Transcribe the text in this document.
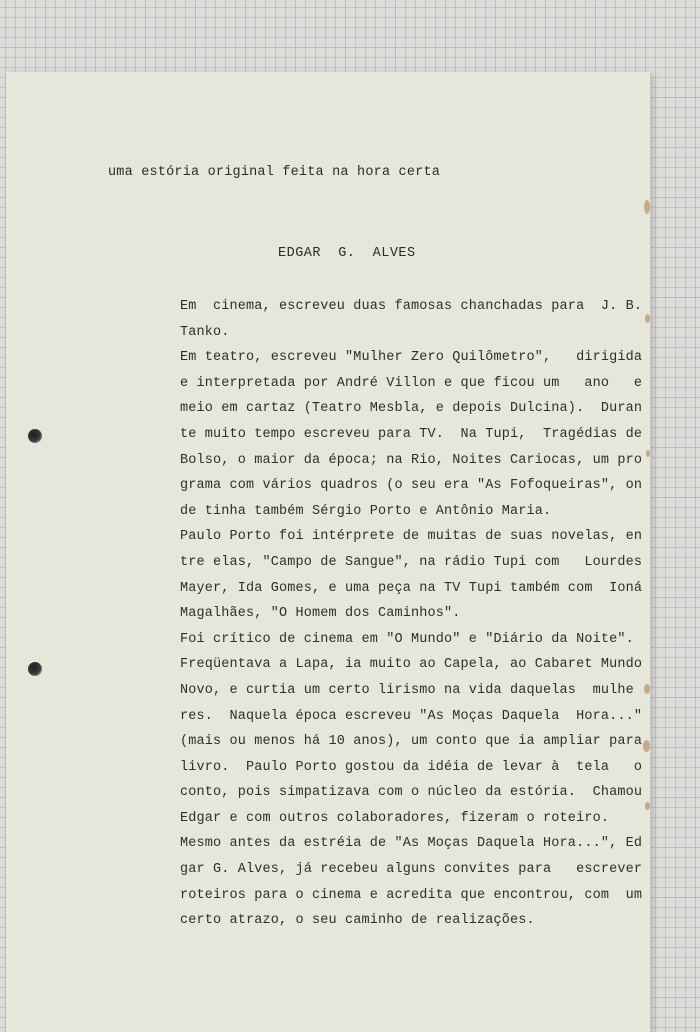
uma estória original feita na hora certa

EDGAR  G.  ALVES
Em  cinema, escreveu duas famosas chanchadas para  J. B.
Tanko.
Em teatro, escreveu "Mulher Zero Quilômetro",   dirigida
e interpretada por André Villon e que ficou um   ano   e
meio em cartaz (Teatro Mesbla, e depois Dulcina).  Duran
te muito tempo escreveu para TV.  Na Tupi,  Tragédias de
Bolso, o maior da época; na Rio, Noites Cariocas, um pro
grama com vários quadros (o seu era "As Fofoqueiras", on
de tinha também Sérgio Porto e Antônio Maria.
Paulo Porto foi intérprete de muitas de suas novelas, en
tre elas, "Campo de Sangue", na rádio Tupi com   Lourdes
Mayer, Ida Gomes, e uma peça na TV Tupi também com  Ioná
Magalhães, "O Homem dos Caminhos".
Foi crítico de cinema em "O Mundo" e "Diário da Noite".
Freqüentava a Lapa, ia muito ao Capela, ao Cabaret Mundo
Novo, e curtia um certo lirismo na vida daquelas  mulhe
res.  Naquela época escreveu "As Moças Daquela  Hora..."
(mais ou menos há 10 anos), um conto que ia ampliar para
livro.  Paulo Porto gostou da idéia de levar à  tela   o
conto, pois simpatizava com o núcleo da estória.  Chamou
Edgar e com outros colaboradores, fizeram o roteiro.
Mesmo antes da estréia de "As Moças Daquela Hora...", Ed
gar G. Alves, já recebeu alguns convites para   escrever
roteiros para o cinema e acredita que encontrou, com  um
certo atrazo, o seu caminho de realizações.
